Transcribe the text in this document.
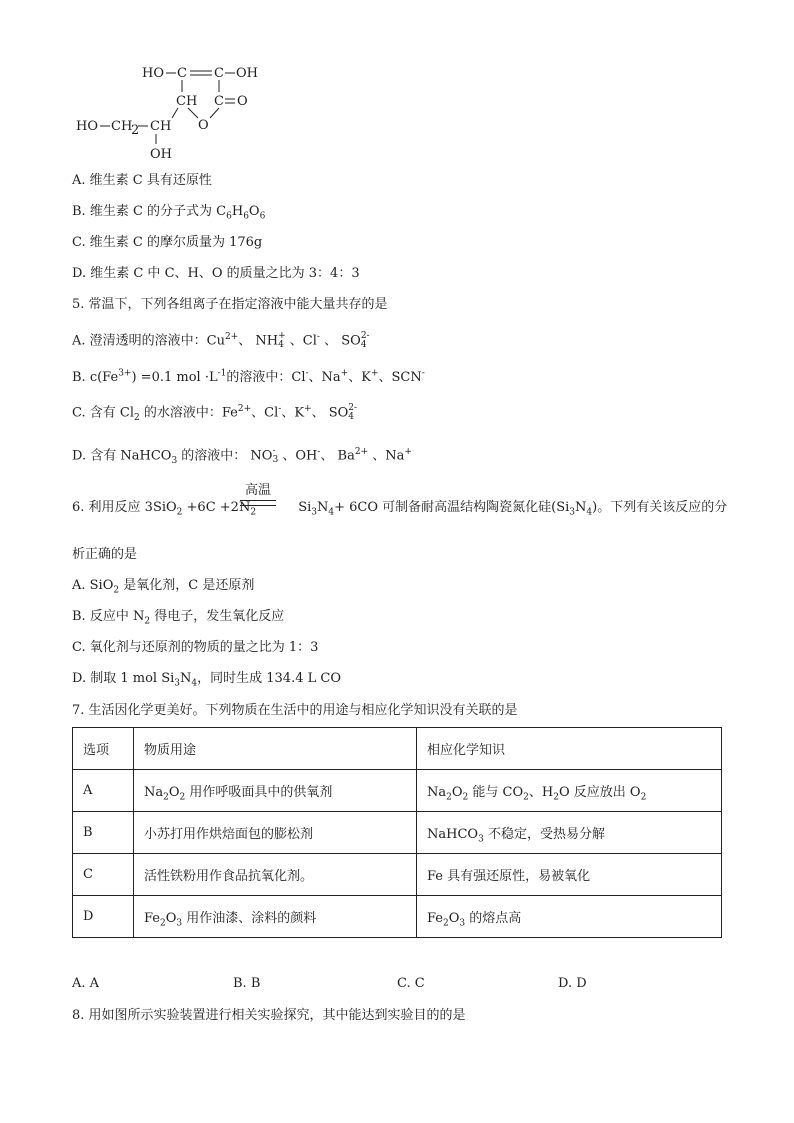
HO C C OH
CH C O
O
HO CH
2 CH
OH
A. 维生素 C 具有还原性
B. 维生素 C 的分子式为 $C_6H_6O_6$
C. 维生素 C 的摩尔质量为 176g
D. 维生素 C 中 C、H、O 的质量之比为 3：4：3
5. 常温下，下列各组离子在指定溶液中能大量共存的是
A. 澄清透明的溶液中：$Cu^{2+}$、 NH+
4 、Cl- 、 SO2-
4
B. $c(Fe^{3+}) =0.1$ mol $\cdot L^{-1}$的溶液中：Cl-、Na+、K+、SCN-
C. 含有 $Cl_2$ 的水溶液中：$Fe^{2+}$、Cl-、K+、 SO2-
4
D. 含有 NaHCO$_3$ 的溶液中： NO-
3 、OH-、 $Ba^{2+}$ 、Na+
高温
6. 利用反应 $3SiO_2 +6C +2N_2$	$Si_3N_4+ 6CO$ 可制备耐高温结构陶瓷氮化硅$(Si_3N_4)$。下列有关该反应的分
析正确的是
A. SiO$_2$ 是氧化剂，C 是还原剂
B. 反应中 $N_2$ 得电子，发生氧化反应
C. 氧化剂与还原剂的物质的量之比为 1：3
D. 制取 1 mol $Si_3N_4$，同时生成 134.4 L CO
7. 生活因化学更美好。下列物质在生活中的用途与相应化学知识没有关联的是
选项	物质用途	相应化学知识
A	$Na_2O_2$ 用作呼吸面具中的供氧剂	$Na_2O_2$ 能与 $CO_2$、$H_2O$ 反应放出 $O_2$
B	小苏打用作烘焙面包的膨松剂	NaHCO$_3$ 不稳定，受热易分解
C	活性铁粉用作食品抗氧化剂。	Fe 具有强还原性，易被氧化
D	$Fe_2O_3$ 用作油漆、涂料的颜料	$Fe_2O_3$ 的熔点高
A. A	B. B	C. C	D. D
8. 用如图所示实验装置进行相关实验探究，其中能达到实验目的的是
